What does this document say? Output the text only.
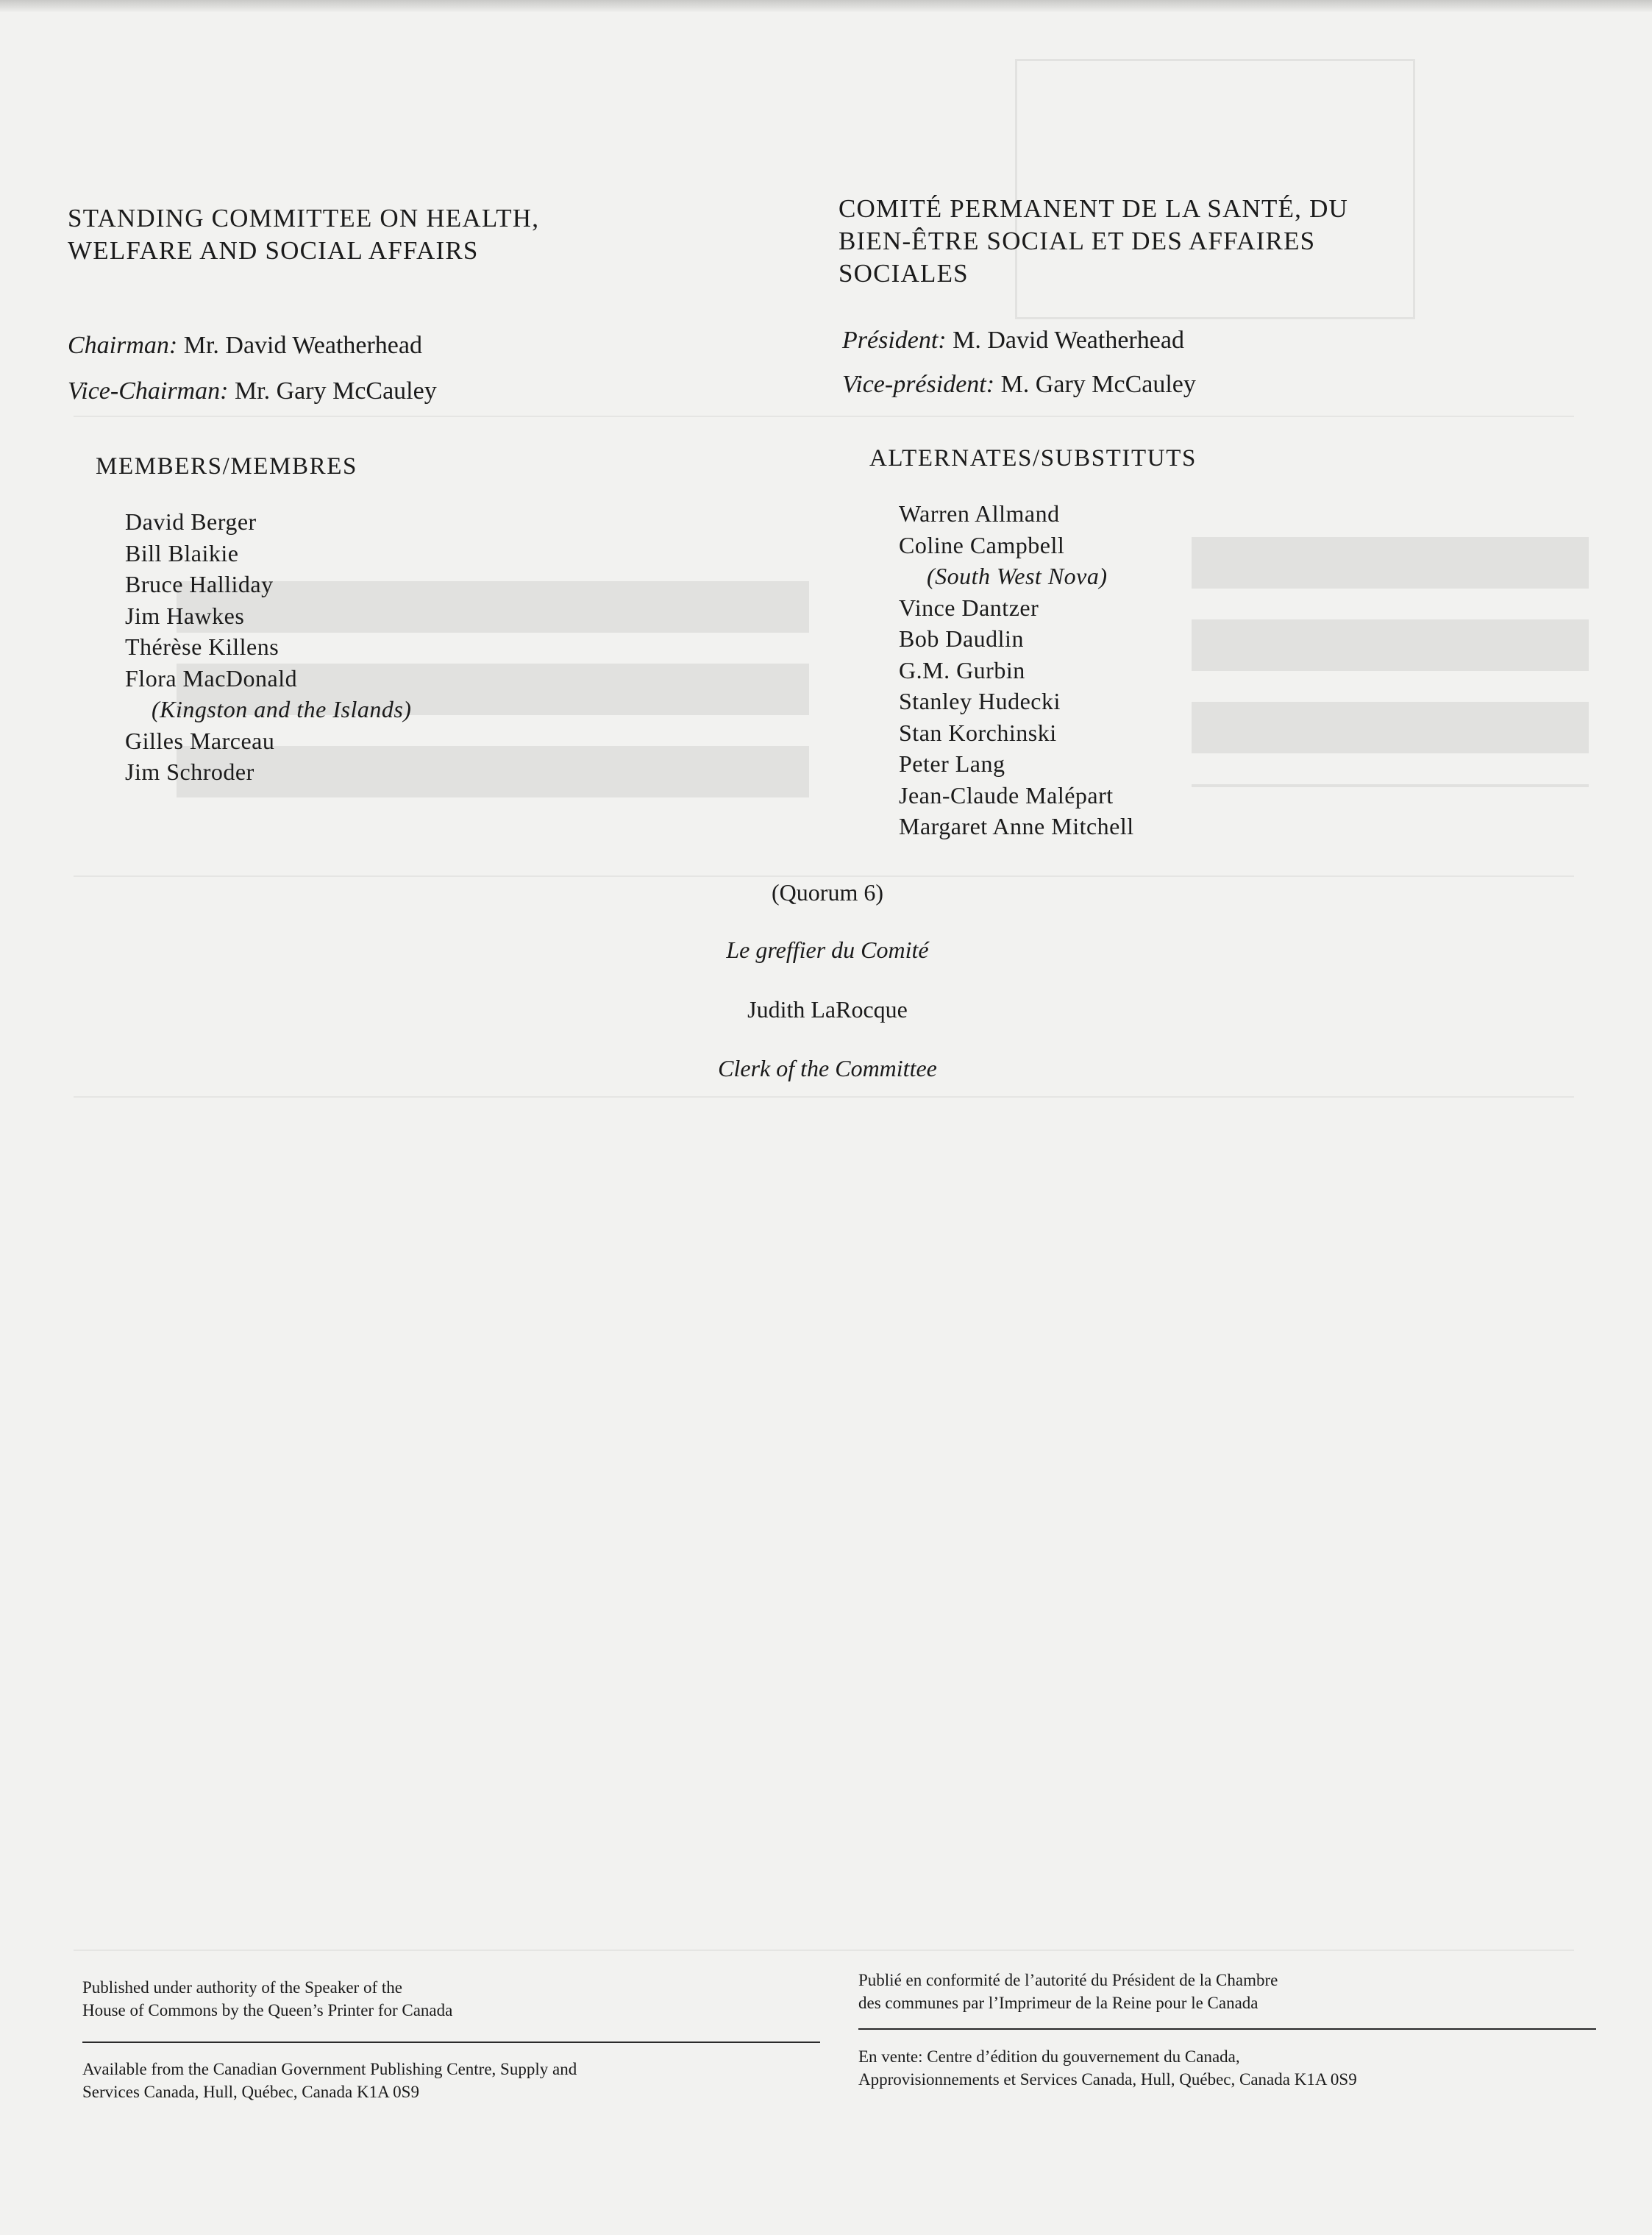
STANDING COMMITTEE ON HEALTH,
WELFARE AND SOCIAL AFFAIRS
COMITÉ PERMANENT DE LA SANTÉ, DU
BIEN-ÊTRE SOCIAL ET DES AFFAIRES
SOCIALES
Chairman: Mr. David Weatherhead
Vice-Chairman: Mr. Gary McCauley
Président: M. David Weatherhead
Vice-président: M. Gary McCauley
MEMBERS/MEMBRES
David Berger
Bill Blaikie
Bruce Halliday
Jim Hawkes
Thérèse Killens
Flora MacDonald
(Kingston and the Islands)
Gilles Marceau
Jim Schroder
ALTERNATES/SUBSTITUTS
Warren Allmand
Coline Campbell
(South West Nova)
Vince Dantzer
Bob Daudlin
G.M. Gurbin
Stanley Hudecki
Stan Korchinski
Peter Lang
Jean-Claude Malépart
Margaret Anne Mitchell
(Quorum 6)
Le greffier du Comité
Judith LaRocque
Clerk of the Committee

Published under authority of the Speaker of the

House of Commons by the Queen’s Printer for Canada

Publié en conformité de l’autorité du Président de la Chambre

des communes par l’Imprimeur de la Reine pour le Canada

Available from the Canadian Government Publishing Centre, Supply and

Services Canada, Hull, Québec, Canada K1A 0S9

En vente: Centre d’édition du gouvernement du Canada,

Approvisionnements et Services Canada, Hull, Québec, Canada K1A 0S9
